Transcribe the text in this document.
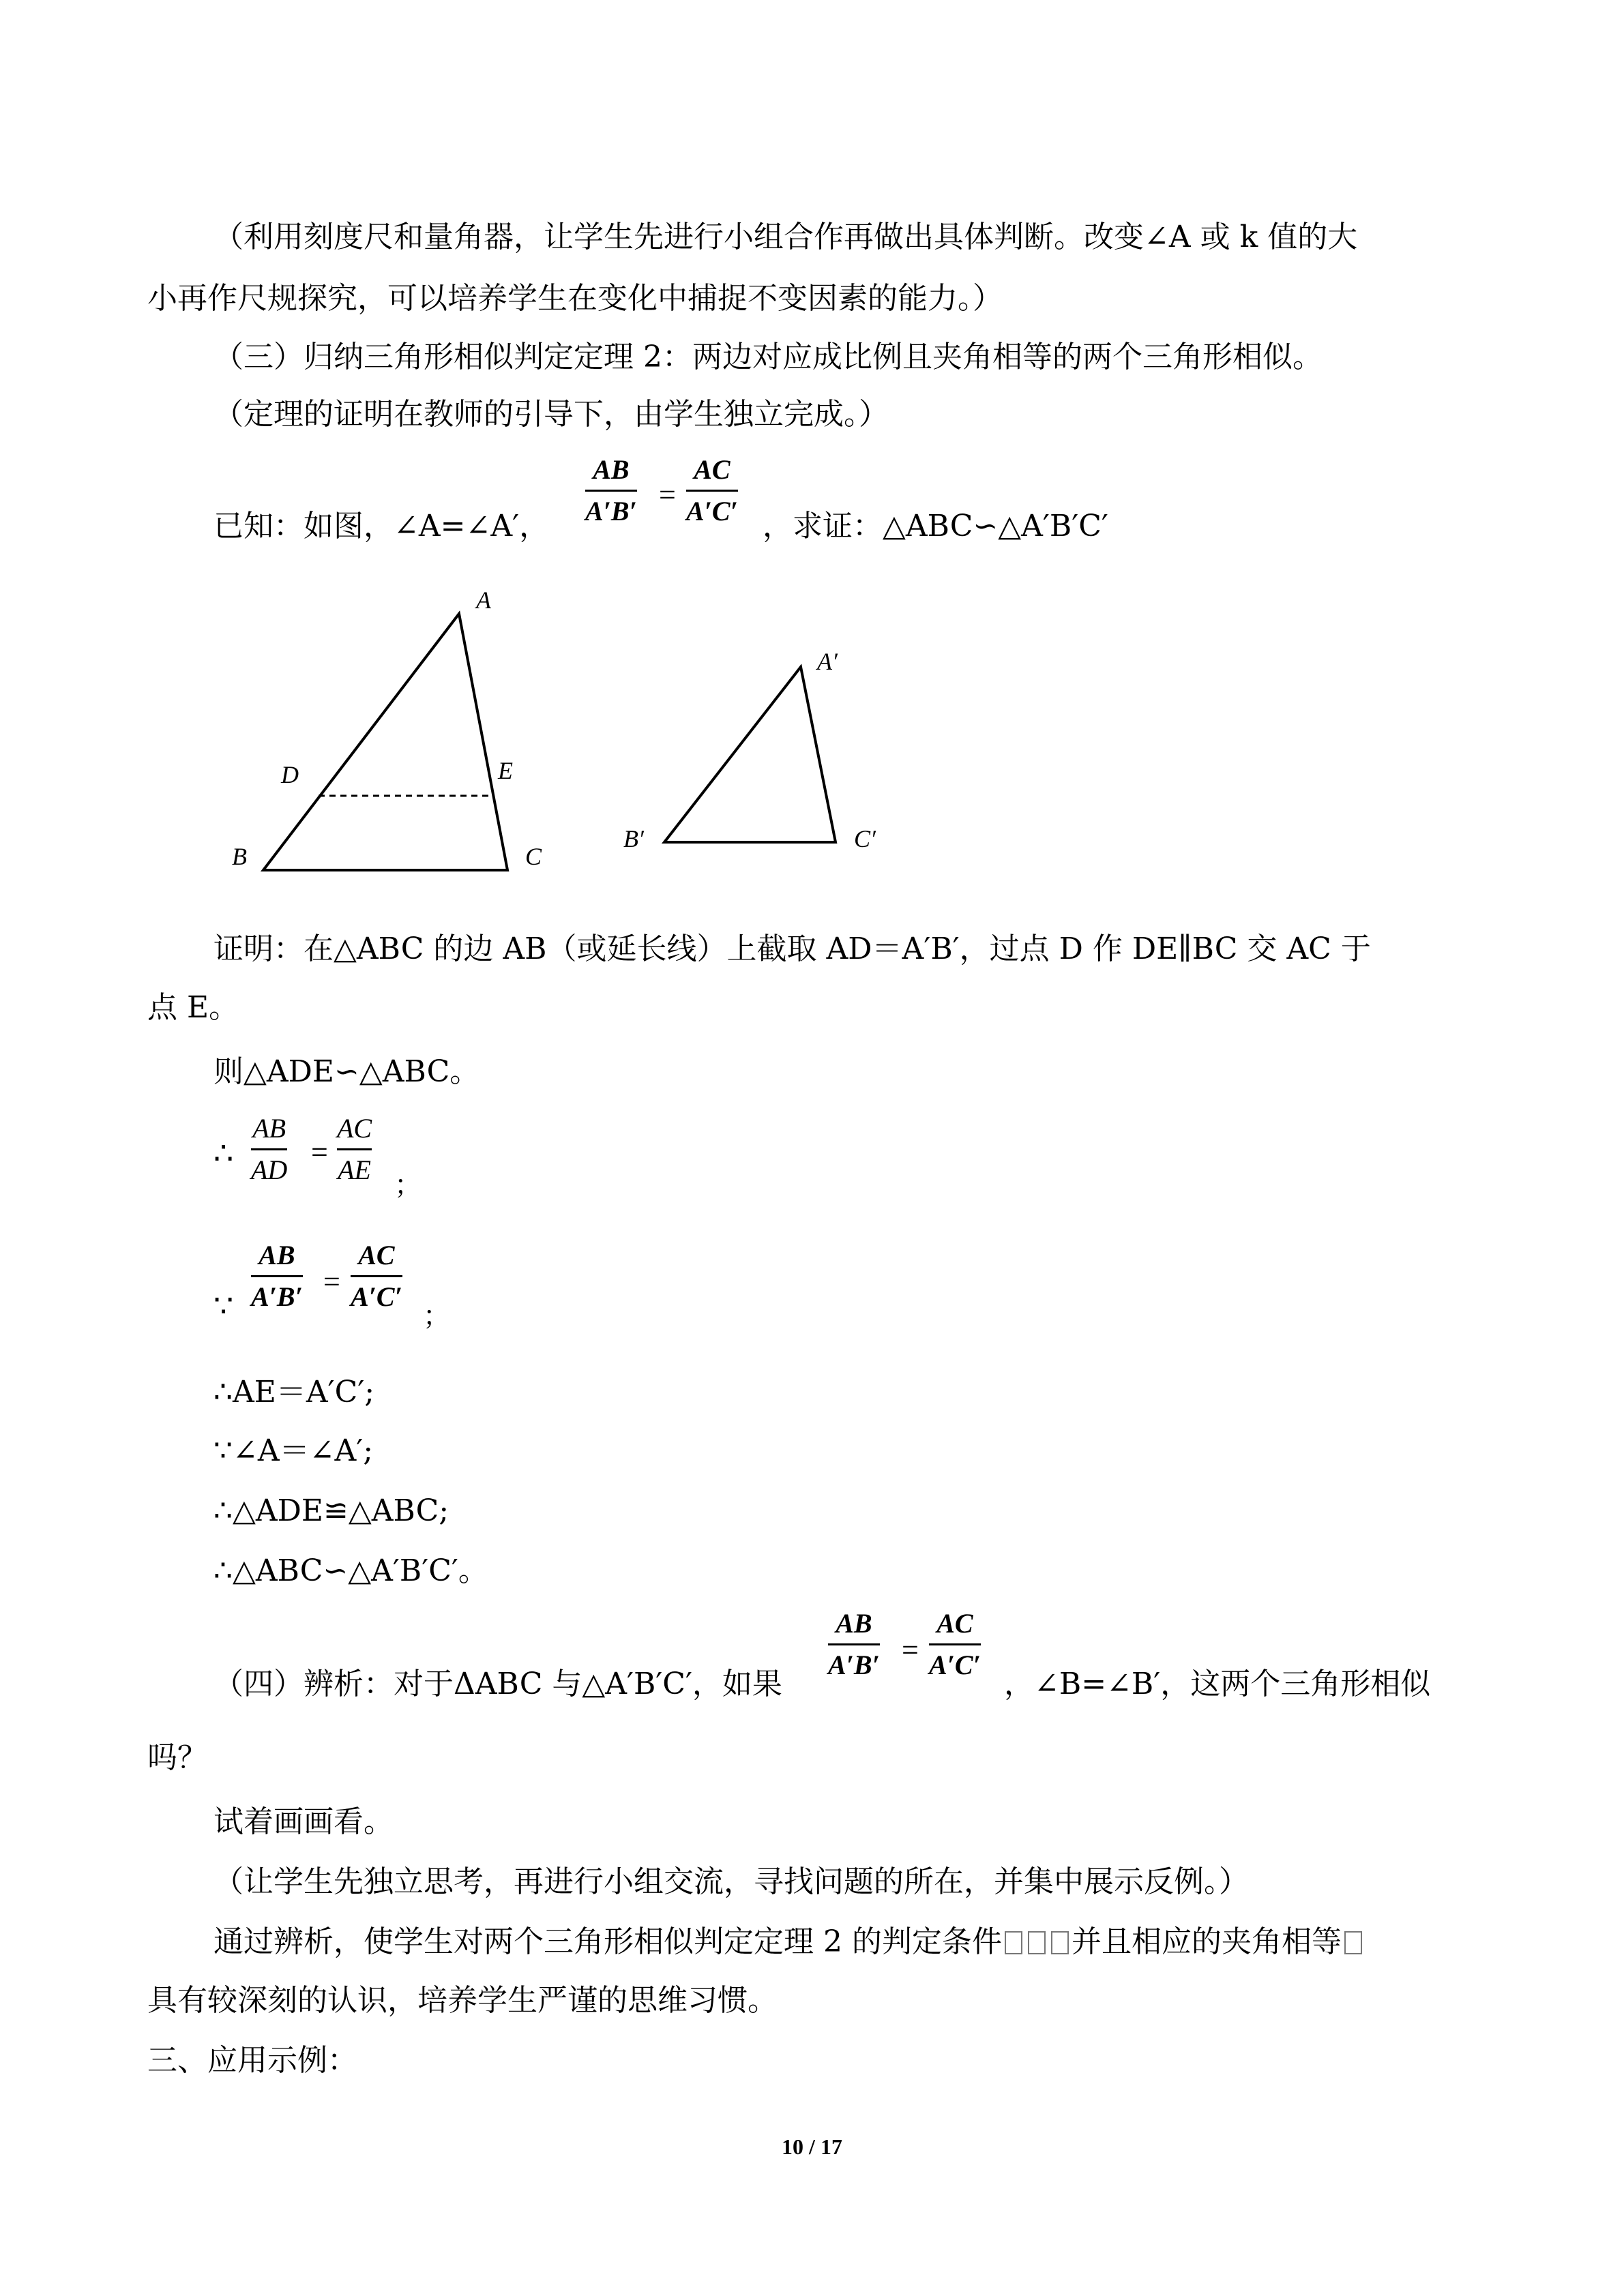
（利用刻度尺和量角器，让学生先进行小组合作再做出具体判断。改变∠A 或 k 值的大
小再作尺规探究，可以培养学生在变化中捕捉不变因素的能力。）
（三）归纳三角形相似判定定理 2：两边对应成比例且夹角相等的两个三角形相似。
（定理的证明在教师的引导下，由学生独立完成。）
已知：如图，∠A=∠A′，
AB
A′B′ =
AC
A′C′ ，求证：△ABC∽△A′B′C′
A
B	C
D	E
A′
B′	C′
证明：在△ABC 的边 AB（或延长线）上截取 AD＝A′B′，过点 D 作 DE∥BC 交 AC 于
点 E。
则△ADE∽△ABC。
∴
AB
AD
=
AC
AE ；
∵
AB
A′B′ =
AC
A′C′
；
∴AE＝A′C′;
∵∠A＝∠A′;
∴△ADE≌△ABC;
∴△ABC∽△A′B′C′。
（四）辨析：对于ΔABC 与△A′B′C′，如果
AB
A′B′ =
AC
A′C′
，∠B=∠B′，这两个三角形相似
吗？
试着画画看。
（让学生先独立思考，再进行小组交流，寻找问题的所在，并集中展示反例。）
通过辨析，使学生对两个三角形相似判定定理 2 的判定条件 并且相应的夹角相等
具有较深刻的认识，培养学生严谨的思维习惯。
三、应用示例：
10 / 17
